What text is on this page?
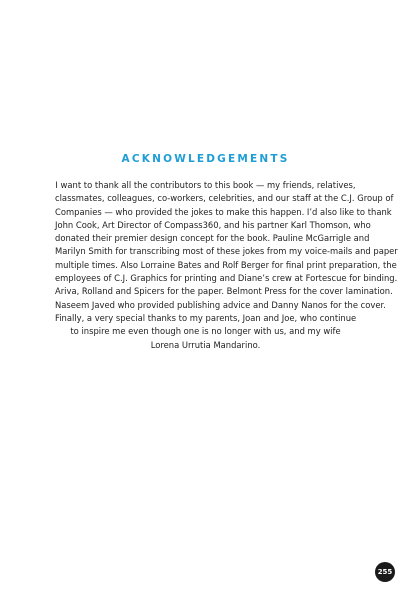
ACKNOWLEDGEMENTS
I want to thank all the contributors to this book — my friends, relatives,
classmates, colleagues, co-workers, celebrities, and our staff at the C.J. Group of
Companies — who provided the jokes to make this happen. I’d also like to thank
John Cook, Art Director of Compass360, and his partner Karl Thomson, who
donated their premier design concept for the book. Pauline McGarrigle and
Marilyn Smith for transcribing most of these jokes from my voice-mails and paper
multiple times. Also Lorraine Bates and Rolf Berger for final print preparation, the
employees of C.J. Graphics for printing and Diane’s crew at Fortescue for binding.
Ariva, Rolland and Spicers for the paper. Belmont Press for the cover lamination.
Naseem Javed who provided publishing advice and Danny Nanos for the cover.
Finally, a very special thanks to my parents, Joan and Joe, who continue
to inspire me even though one is no longer with us, and my wife
Lorena Urrutia Mandarino.
255
